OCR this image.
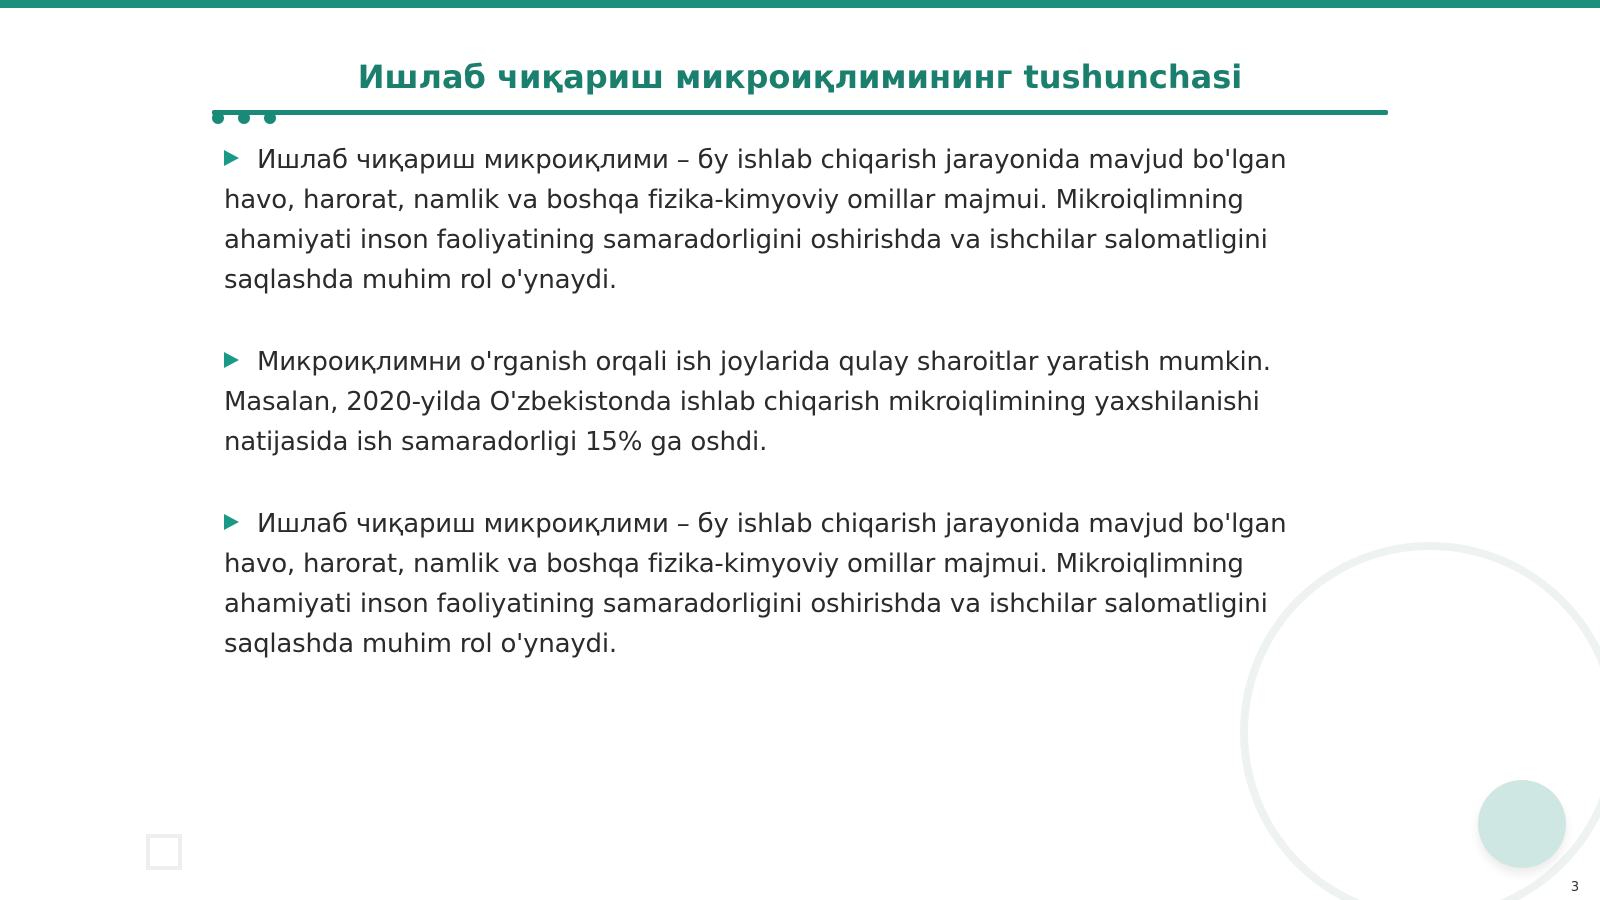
Ишлаб чиқариш микроиқлимининг tushunchasi

Ишлаб чиқариш микроиқлими – бу ishlab chiqarish jarayonida mavjud bo'lgan havo, harorat, namlik va boshqa fizika-kimyoviy omillar majmui. Mikroiqlimning ahamiyati inson faoliyatining samaradorligini oshirishda va ishchilar salomatligini saqlashda muhim rol o'ynaydi.

Микроиқлимни o'rganish orqali ish joylarida qulay sharoitlar yaratish mumkin. Masalan, 2020-yilda O'zbekistonda ishlab chiqarish mikroiqlimining yaxshilanishi natijasida ish samaradorligi 15% ga oshdi.

Ишлаб чиқариш микроиқлими – бу ishlab chiqarish jarayonida mavjud bo'lgan havo, harorat, namlik va boshqa fizika-kimyoviy omillar majmui. Mikroiqlimning ahamiyati inson faoliyatining samaradorligini oshirishda va ishchilar salomatligini saqlashda muhim rol o'ynaydi.

3
